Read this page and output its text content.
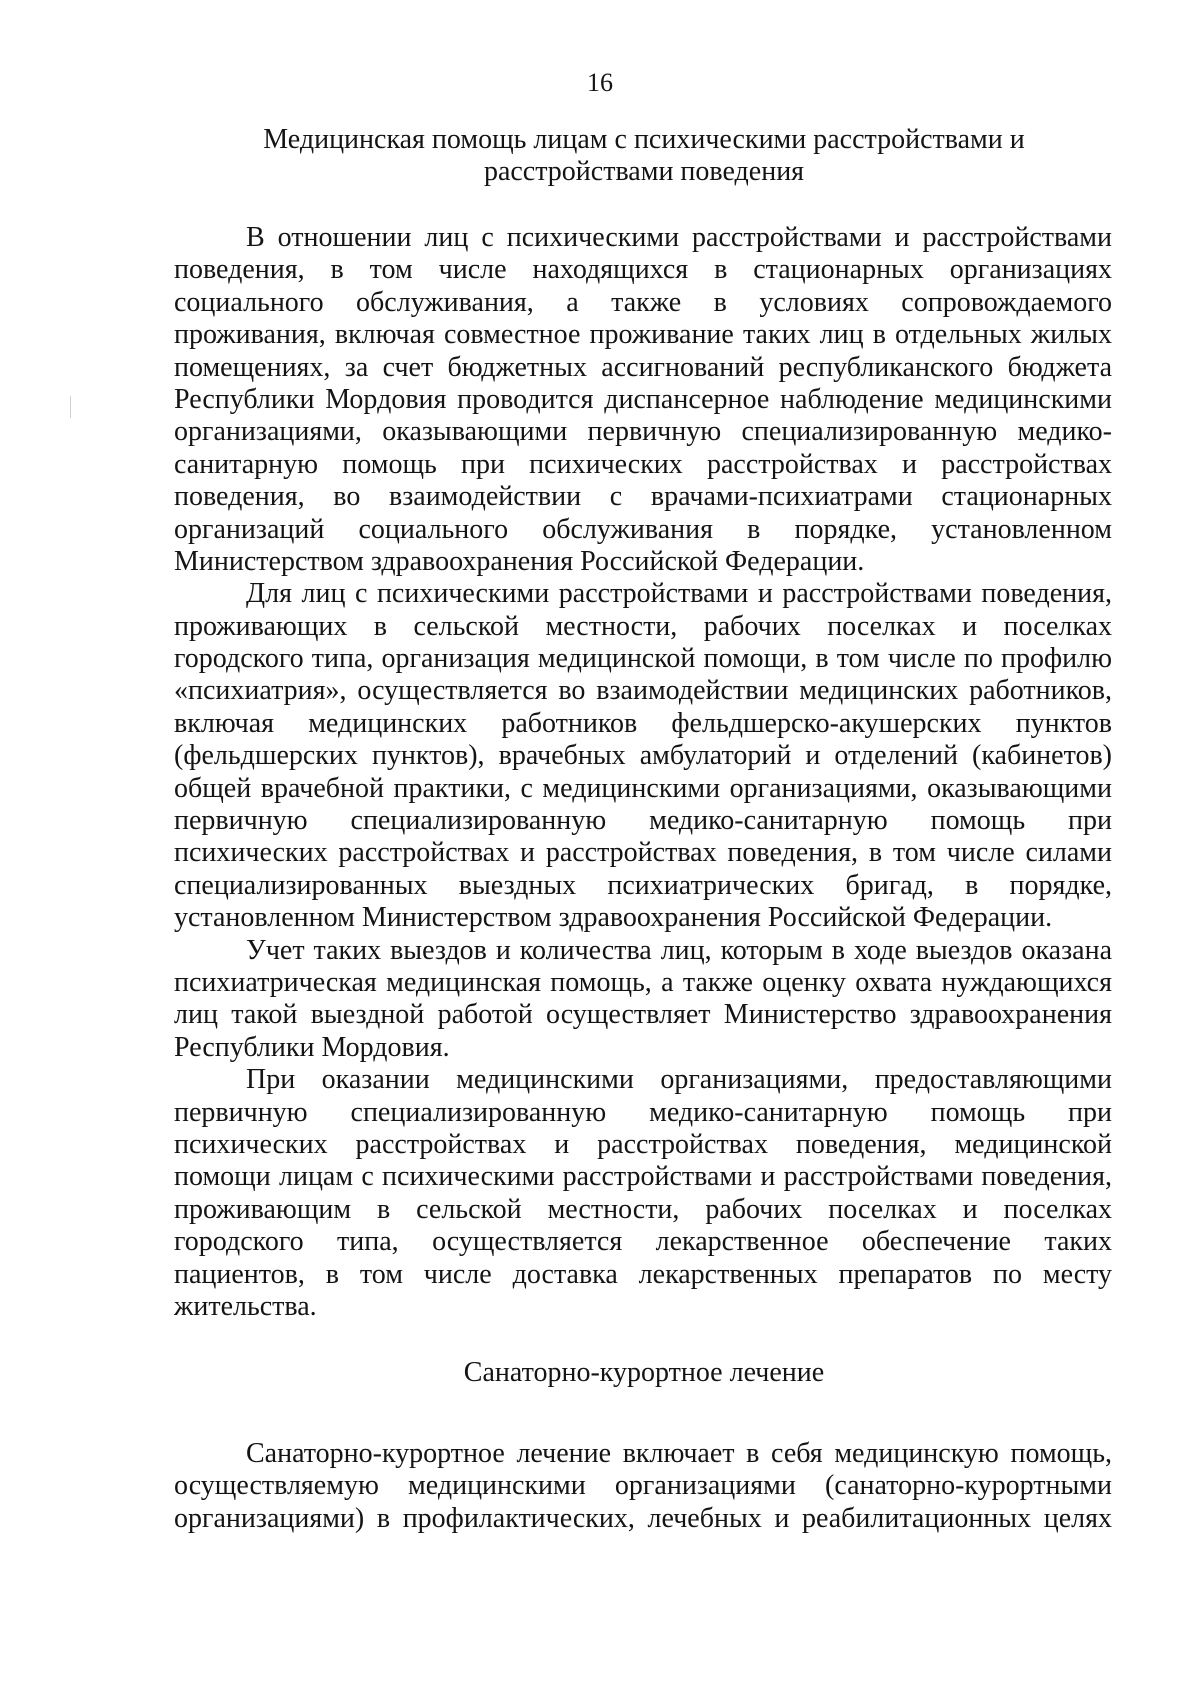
16
Медицинская помощь лицам с психическими расстройствами и
расстройствами поведения
В отношении лиц с психическими расстройствами и расстройствами
поведения, в том числе находящихся в стационарных организациях
социального обслуживания, а также в условиях сопровождаемого
проживания, включая совместное проживание таких лиц в отдельных жилых
помещениях, за счет бюджетных ассигнований республиканского бюджета
Республики Мордовия проводится диспансерное наблюдение медицинскими
организациями, оказывающими первичную специализированную медико-
санитарную помощь при психических расстройствах и расстройствах
поведения, во взаимодействии с врачами-психиатрами стационарных
организаций социального обслуживания в порядке, установленном
Министерством здравоохранения Российской Федерации.
Для лиц с психическими расстройствами и расстройствами поведения,
проживающих в сельской местности, рабочих поселках и поселках
городского типа, организация медицинской помощи, в том числе по профилю
«психиатрия», осуществляется во взаимодействии медицинских работников,
включая медицинских работников фельдшерско-акушерских пунктов
(фельдшерских пунктов), врачебных амбулаторий и отделений (кабинетов)
общей врачебной практики, с медицинскими организациями, оказывающими
первичную специализированную медико-санитарную помощь при
психических расстройствах и расстройствах поведения, в том числе силами
специализированных выездных психиатрических бригад, в порядке,
установленном Министерством здравоохранения Российской Федерации.
Учет таких выездов и количества лиц, которым в ходе выездов оказана
психиатрическая медицинская помощь, а также оценку охвата нуждающихся
лиц такой выездной работой осуществляет Министерство здравоохранения
Республики Мордовия.
При оказании медицинскими организациями, предоставляющими
первичную специализированную медико-санитарную помощь при
психических расстройствах и расстройствах поведения, медицинской
помощи лицам с психическими расстройствами и расстройствами поведения,
проживающим в сельской местности, рабочих поселках и поселках
городского типа, осуществляется лекарственное обеспечение таких
пациентов, в том числе доставка лекарственных препаратов по месту
жительства.
Санаторно-курортное лечение
Санаторно-курортное лечение включает в себя медицинскую помощь,
осуществляемую медицинскими организациями (санаторно-курортными
организациями) в профилактических, лечебных и реабилитационных целях
